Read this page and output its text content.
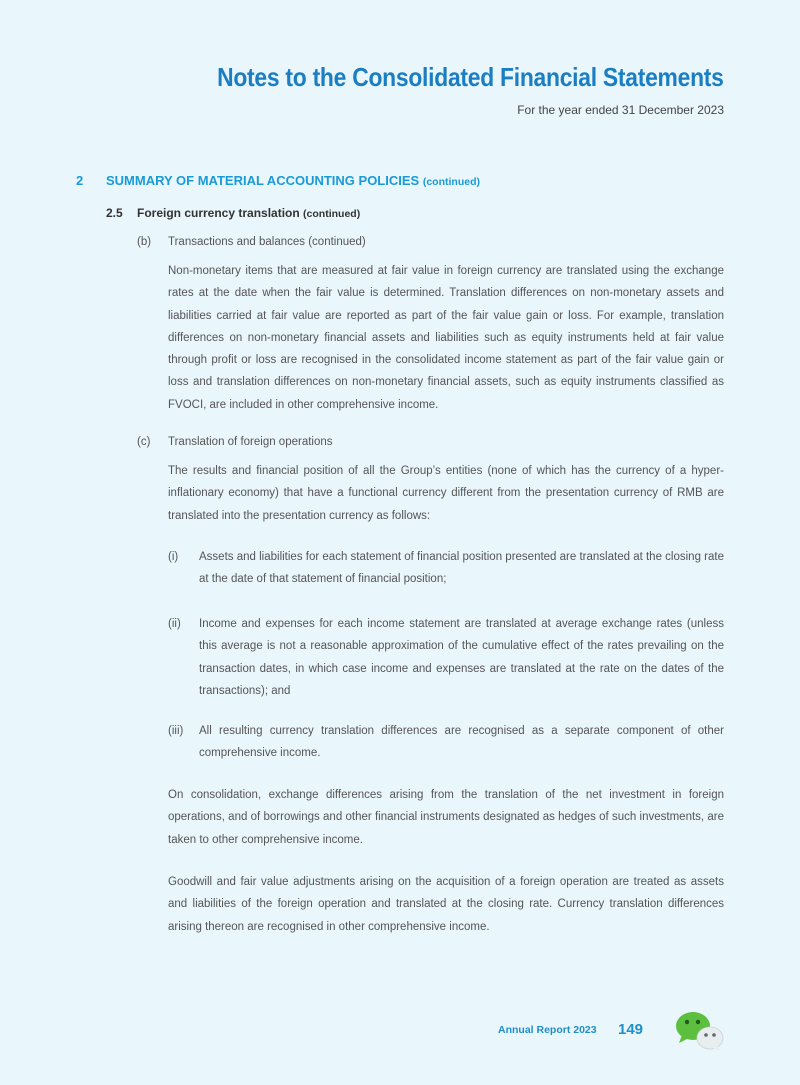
Notes to the Consolidated Financial Statements
For the year ended 31 December 2023
2 SUMMARY OF MATERIAL ACCOUNTING POLICIES (continued)
2.5 Foreign currency translation (continued)
(b) Transactions and balances (continued)

Non-monetary items that are measured at fair value in foreign currency are translated using the exchange rates at the date when the fair value is determined. Translation differences on non-monetary assets and liabilities carried at fair value are reported as part of the fair value gain or loss. For example, translation differences on non-monetary financial assets and liabilities such as equity instruments held at fair value through profit or loss are recognised in the consolidated income statement as part of the fair value gain or loss and translation differences on non-monetary financial assets, such as equity instruments classified as FVOCI, are included in other comprehensive income.

(c) Translation of foreign operations

The results and financial position of all the Group’s entities (none of which has the currency of a hyper-inflationary economy) that have a functional currency different from the presentation currency of RMB are translated into the presentation currency as follows:

(i) Assets and liabilities for each statement of financial position presented are translated at the closing rate at the date of that statement of financial position;

(ii) Income and expenses for each income statement are translated at average exchange rates (unless this average is not a reasonable approximation of the cumulative effect of the rates prevailing on the transaction dates, in which case income and expenses are translated at the rate on the dates of the transactions); and

(iii) All resulting currency translation differences are recognised as a separate component of other comprehensive income.

On consolidation, exchange differences arising from the translation of the net investment in foreign operations, and of borrowings and other financial instruments designated as hedges of such investments, are taken to other comprehensive income.

Goodwill and fair value adjustments arising on the acquisition of a foreign operation are treated as assets and liabilities of the foreign operation and translated at the closing rate. Currency translation differences arising thereon are recognised in other comprehensive income.

Annual Report 2023 149
